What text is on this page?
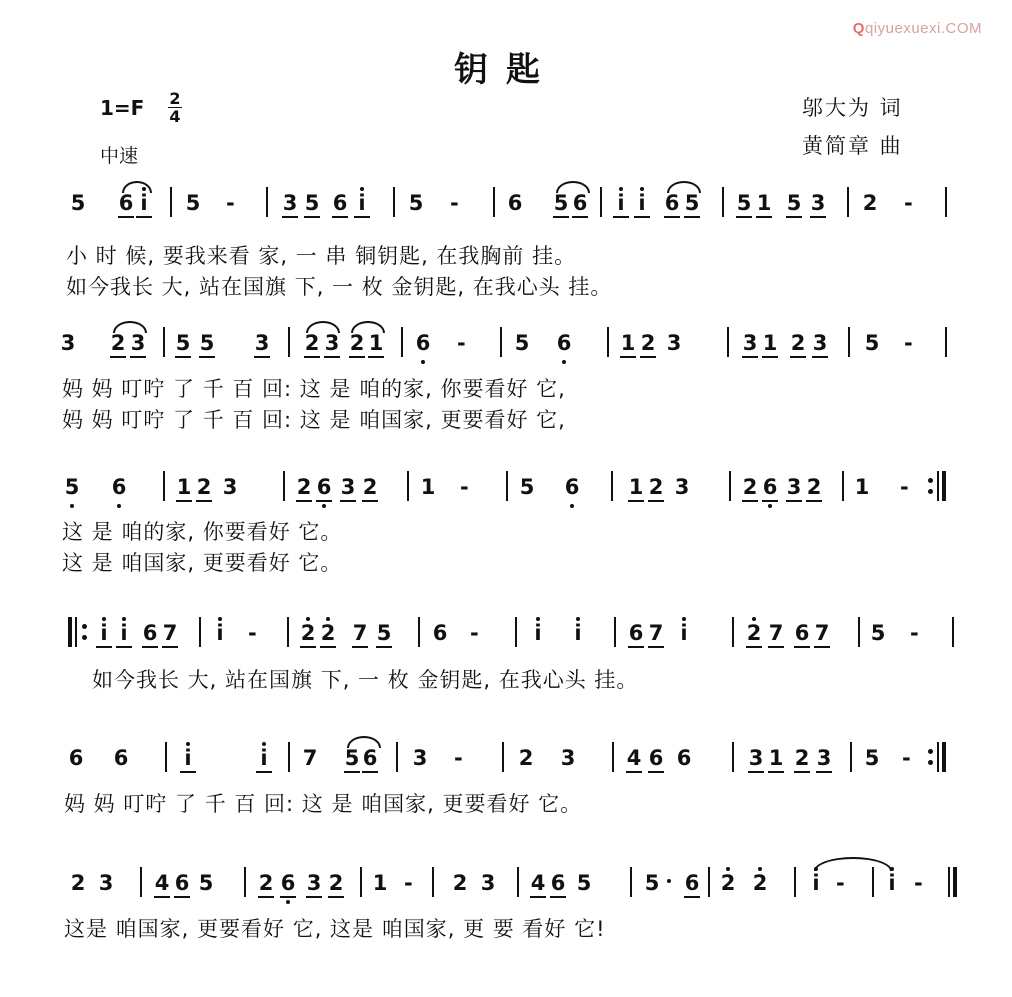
Qqiyuexuexi.COM
钥匙
1=F 2
4
中速
邬大为 词
黄简章 曲
5 6 i 5 - 3 5 6 i 5 - 6 5 6 i i 6 5 5 1 5 3 2 -
小 时 候, 要我来看 家, 一 串 铜钥匙, 在我胸前 挂。
如今我长 大, 站在国旗 下, 一 枚 金钥匙, 在我心头 挂。
3 2 3 5 5 3 2 3 2 1 6 - 5 6 1 2 3	3 1 2 3 5 -
妈 妈 叮咛 了 千 百 回: 这 是 咱的家, 你要看好 它,
妈 妈 叮咛 了 千 百 回: 这 是 咱国家, 更要看好 它,
5 6 1 2 3	2 6 3 2 1 - 5 6 1 2 3	2 6 3 2 1 -
这 是 咱的家, 你要看好 它。
这 是 咱国家, 更要看好 它。
i i 6 7 i - 2 2 7 5 6 -	i i 6 7 i	2 7 6 7 5 -
如今我长 大, 站在国旗 下, 一 枚 金钥匙, 在我心头 挂。
6 6	i	i 7 5 6 3 -	2 3 4 6 6	3 1 2 3 5 -
妈 妈 叮咛 了 千 百 回: 这 是 咱国家, 更要看好 它。
2 3 4 6 5 2 6 3 2 1 - 2 3 4 6 5	5 6 2 2 i - i -
这是 咱国家, 更要看好 它, 这是 咱国家, 更 要 看好 它!
